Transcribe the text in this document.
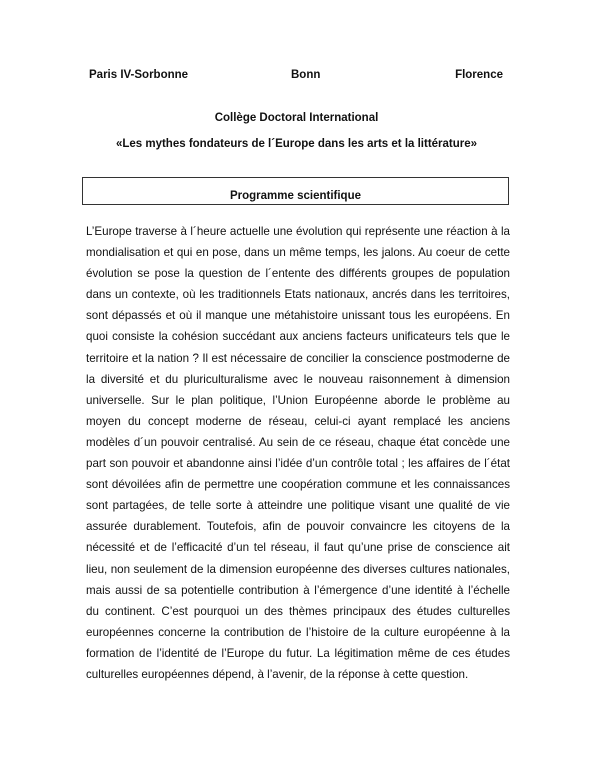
Paris IV-Sorbonne	Bonn	Florence
Collège Doctoral International
«Les mythes fondateurs de l´Europe dans les arts et la littérature»
Programme scientifique

L’Europe traverse à l´heure actuelle une évolution qui représente une réaction à la mondialisation et qui en pose, dans un même temps, les jalons. Au coeur de cette évolution se pose la question de l´entente des différents groupes de population dans un contexte, où les traditionnels Etats nationaux, ancrés dans les territoires, sont dépassés et où il manque une métahistoire unissant tous les européens. En quoi consiste la cohésion succédant aux anciens facteurs unificateurs tels que le territoire et la nation ? Il est nécessaire de concilier la conscience postmoderne de la diversité et du pluriculturalisme avec le nouveau raisonnement à dimension universelle. Sur le plan politique, l’Union Européenne aborde le problème au moyen du concept moderne de réseau, celui-ci ayant remplacé les anciens modèles d´un pouvoir centralisé. Au sein de ce réseau, chaque état concède une part son pouvoir et abandonne ainsi l’idée d’un contrôle total ; les affaires de l´état sont dévoilées afin de permettre une coopération commune et les connaissances sont partagées, de telle sorte à atteindre une politique visant une qualité de vie assurée durablement. Toutefois, afin de pouvoir convaincre les citoyens de la nécessité et de l’efficacité d’un tel réseau, il faut qu’une prise de conscience ait lieu, non seulement de la dimension européenne des diverses cultures nationales, mais aussi de sa potentielle contribution à l’émergence d’une identité à l’échelle du continent. C’est pourquoi un des thèmes principaux des études culturelles européennes concerne la contribution de l’histoire de la culture européenne à la formation de l’identité de l’Europe du futur. La légitimation même de ces études culturelles européennes dépend, à l’avenir, de la réponse à cette question.
